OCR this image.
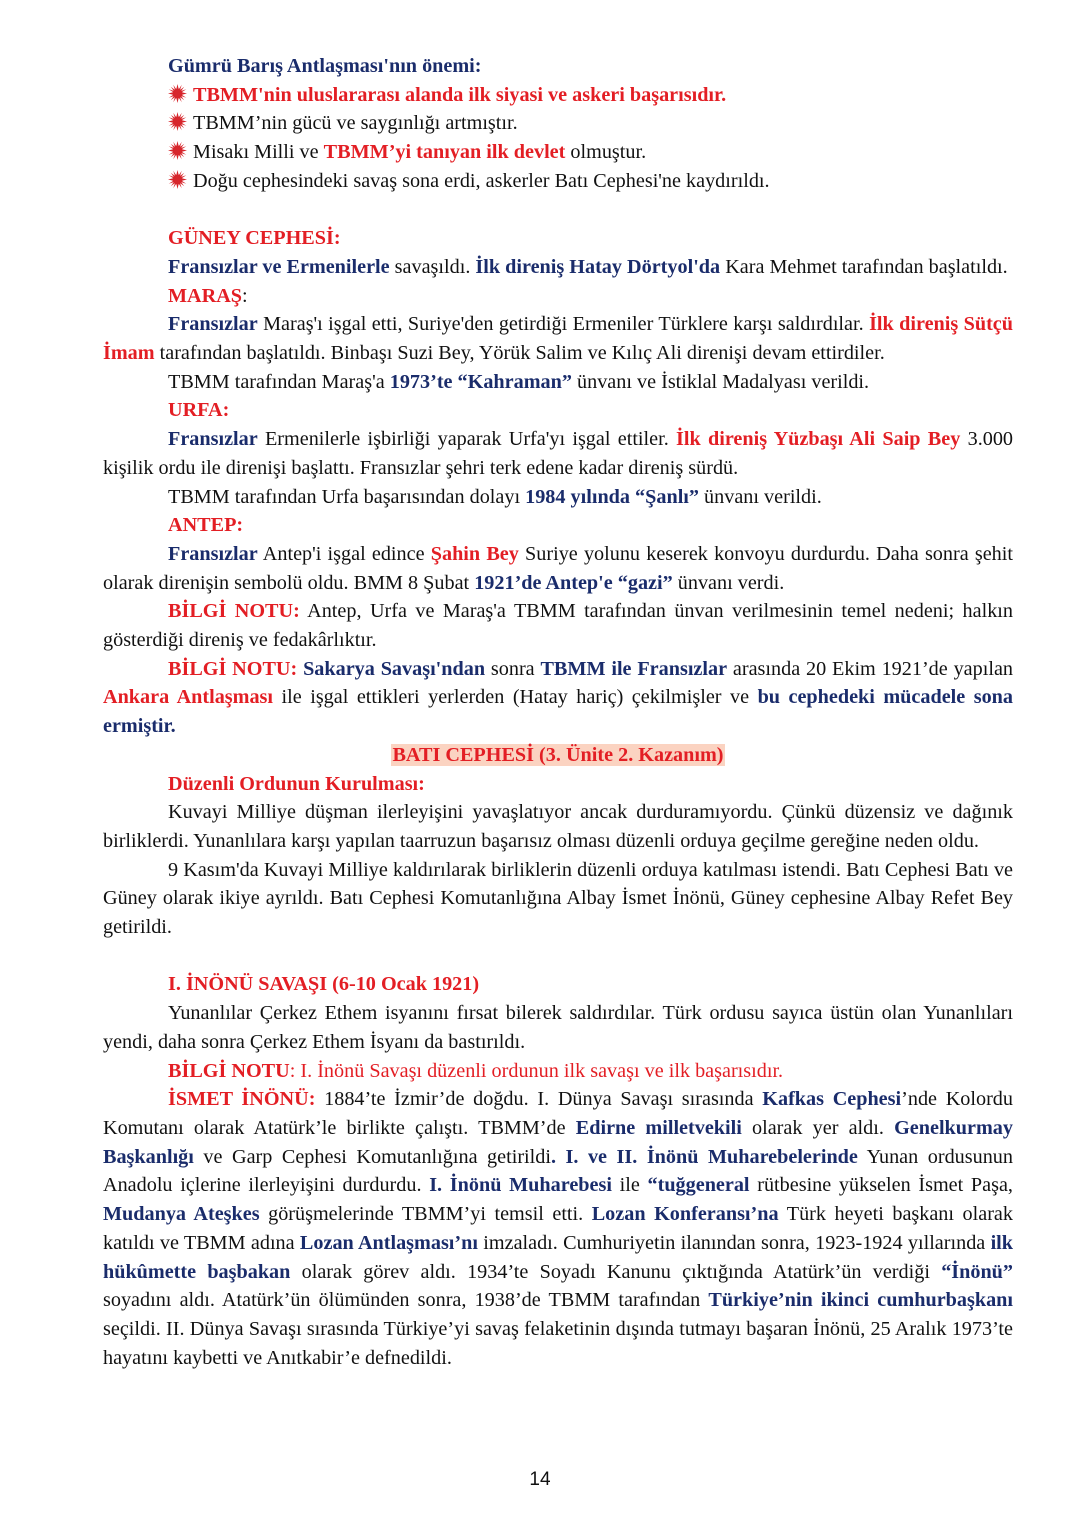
Gümrü Barış Antlaşması'nın önemi:

TBMM'nin uluslararası alanda ilk siyasi ve askeri başarısıdır.
TBMM’nin gücü ve saygınlığı artmıştır.
Misakı Milli ve TBMM’yi tanıyan ilk devlet olmuştur.
Doğu cephesindeki savaş sona erdi, askerler Batı Cephesi'ne kaydırıldı.

GÜNEY CEPHESİ:

Fransızlar ve Ermenilerle savaşıldı. İlk direniş Hatay Dörtyol'da Kara Mehmet tarafından başlatıldı.

MARAŞ:

Fransızlar Maraş'ı işgal etti, Suriye'den getirdiği Ermeniler Türklere karşı saldırdılar. İlk direniş Sütçü İmam tarafından başlatıldı. Binbaşı Suzi Bey, Yörük Salim ve Kılıç Ali direnişi devam ettirdiler.

TBMM tarafından Maraş'a 1973’te “Kahraman” ünvanı ve İstiklal Madalyası verildi.

URFA:

Fransızlar Ermenilerle işbirliği yaparak Urfa'yı işgal ettiler. İlk direniş Yüzbaşı Ali Saip Bey 3.000 kişilik ordu ile direnişi başlattı. Fransızlar şehri terk edene kadar direniş sürdü.

TBMM tarafından Urfa başarısından dolayı 1984 yılında “Şanlı” ünvanı verildi.

ANTEP:

Fransızlar Antep'i işgal edince Şahin Bey Suriye yolunu keserek konvoyu durdurdu. Daha sonra şehit olarak direnişin sembolü oldu. BMM 8 Şubat 1921’de Antep'e “gazi” ünvanı verdi.

BİLGİ NOTU: Antep, Urfa ve Maraş'a TBMM tarafından ünvan verilmesinin temel nedeni; halkın gösterdiği direniş ve fedakârlıktır.

BİLGİ NOTU: Sakarya Savaşı'ndan sonra TBMM ile Fransızlar arasında 20 Ekim 1921’de yapılan Ankara Antlaşması ile işgal ettikleri yerlerden (Hatay hariç) çekilmişler ve bu cephedeki mücadele sona ermiştir.

BATI CEPHESİ (3. Ünite 2. Kazanım)

Düzenli Ordunun Kurulması:

Kuvayi Milliye düşman ilerleyişini yavaşlatıyor ancak durduramıyordu. Çünkü düzensiz ve dağınık birliklerdi. Yunanlılara karşı yapılan taarruzun başarısız olması düzenli orduya geçilme gereğine neden oldu.

9 Kasım'da Kuvayi Milliye kaldırılarak birliklerin düzenli orduya katılması istendi. Batı Cephesi Batı ve Güney olarak ikiye ayrıldı. Batı Cephesi Komutanlığına Albay İsmet İnönü, Güney cephesine Albay Refet Bey getirildi.

I. İNÖNÜ SAVAŞI (6-10 Ocak 1921)

Yunanlılar Çerkez Ethem isyanını fırsat bilerek saldırdılar. Türk ordusu sayıca üstün olan Yunanlıları yendi, daha sonra Çerkez Ethem İsyanı da bastırıldı.

BİLGİ NOTU: I. İnönü Savaşı düzenli ordunun ilk savaşı ve ilk başarısıdır.

İSMET İNÖNÜ: 1884’te İzmir’de doğdu. I. Dünya Savaşı sırasında Kafkas Cephesi’nde Kolordu Komutanı olarak Atatürk’le birlikte çalıştı. TBMM’de Edirne milletvekili olarak yer aldı. Genelkurmay Başkanlığı ve Garp Cephesi Komutanlığına getirildi. I. ve II. İnönü Muharebelerinde Yunan ordusunun Anadolu içlerine ilerleyişini durdurdu. I. İnönü Muharebesi ile “tuğgeneral rütbesine yükselen İsmet Paşa, Mudanya Ateşkes görüşmelerinde TBMM’yi temsil etti. Lozan Konferansı’na Türk heyeti başkanı olarak katıldı ve TBMM adına Lozan Antlaşması’nı imzaladı. Cumhuriyetin ilanından sonra, 1923-1924 yıllarında ilk hükûmette başbakan olarak görev aldı. 1934’te Soyadı Kanunu çıktığında Atatürk’ün verdiği “İnönü” soyadını aldı. Atatürk’ün ölümünden sonra, 1938’de TBMM tarafından Türkiye’nin ikinci cumhurbaşkanı seçildi. II. Dünya Savaşı sırasında Türkiye’yi savaş felaketinin dışında tutmayı başaran İnönü, 25 Aralık 1973’te hayatını kaybetti ve Anıtkabir’e defnedildi.

14
